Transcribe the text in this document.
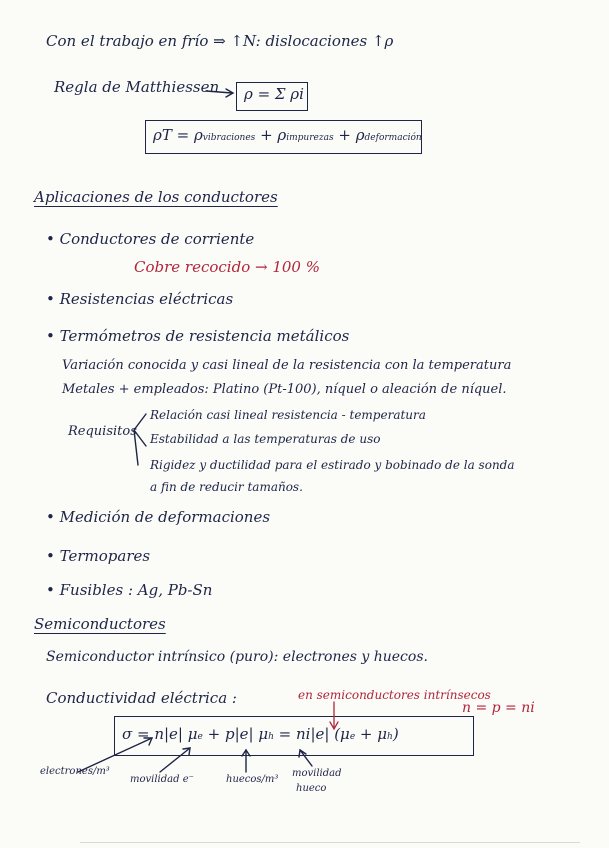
Con el trabajo en frío ⇒ ↑N: dislocaciones ↑ρ
Regla de Matthiessen ρ = Σ ρi
ρT = ρvibraciones + ρimpurezas + ρdeformación
Aplicaciones de los conductores
• Conductores de corriente
Cobre recocido → 100 %
• Resistencias eléctricas
• Termómetros de resistencia metálicos
Variación conocida y casi lineal de la resistencia con la temperatura
Metales + empleados: Platino (Pt-100), níquel o aleación de níquel.
Requisitos
Relación casi lineal resistencia - temperatura
Estabilidad a las temperaturas de uso
Rigidez y ductilidad para el estirado y bobinado de la sonda
a fin de reducir tamaños.
• Medición de deformaciones
• Termopares
• Fusibles : Ag, Pb-Sn
Semiconductores
Semiconductor intrínsico (puro): electrones y huecos.
Conductividad eléctrica :	en semiconductores intrínsecos
n = p = ni
σ = n|e| μe + p|e| μh = ni|e| (μe + μh)
electrones/m³
movilidad e⁻	huecos/m³
movilidad
hueco
